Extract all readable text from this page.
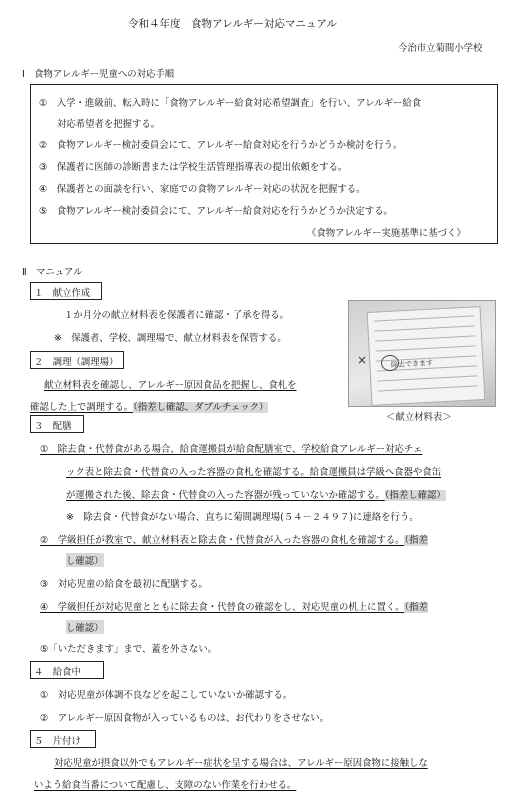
令和４年度　食物アレルギー対応マニュアル
今治市立菊間小学校
Ⅰ　食物アレルギー児童への対応手順
①　入学・進級前、転入時に「食物アレルギー給食対応希望調査」を行い、アレルギー給食
対応希望者を把握する。
②　食物アレルギー検討委員会にて、アレルギー給食対応を行うかどうか検討を行う。
③　保護者に医師の診断書または学校生活管理指導表の提出依頼をする。
④　保護者との面談を行い、家庭での食物アレルギー対応の状況を把握する。
⑤　食物アレルギー検討委員会にて、アレルギー給食対応を行うかどうか決定する。
《食物アレルギー実施基準に基づく》
Ⅱ　マニュアル
１　献立作成
１か月分の献立材料表を保護者に確認・了承を得る。
※　保護者、学校、調理場で、献立材料表を保管する。
×	除去できます
＜献立材料表＞
２　調理（調理場）
献立材料表を確認し、アレルギー原因食品を把握し、食札を
確認した上で調理する。（指差し確認、ダブルチェック）
３　配膳
①　除去食・代替食がある場合、給食運搬員が給食配膳室で、学校給食アレルギー対応チェ
ック表と除去食・代替食の入った容器の食札を確認する。給食運搬員は学級へ食器や食缶
が運搬された後、除去食・代替食の入った容器が残っていないか確認する。（指差し確認）
※　除去食・代替食がない場合、直ちに菊間調理場(５４－２４９７)に連絡を行う。
②　学級担任が教室で、献立材料表と除去食・代替食が入った容器の食札を確認する。（指差
し確認）
③　対応児童の給食を最初に配膳する。
④　学級担任が対応児童とともに除去食・代替食の確認をし、対応児童の机上に置く。（指差
し確認）
⑤「いただきます」まで、蓋を外さない。
４　給食中
①　対応児童が体調不良などを起こしていないか確認する。
②　アレルギー原因食物が入っているものは、お代わりをさせない。
５　片付け
対応児童が摂食以外でもアレルギー症状を呈する場合は、アレルギー原因食物に接触しな
いよう給食当番について配慮し、支障のない作業を行わせる。
